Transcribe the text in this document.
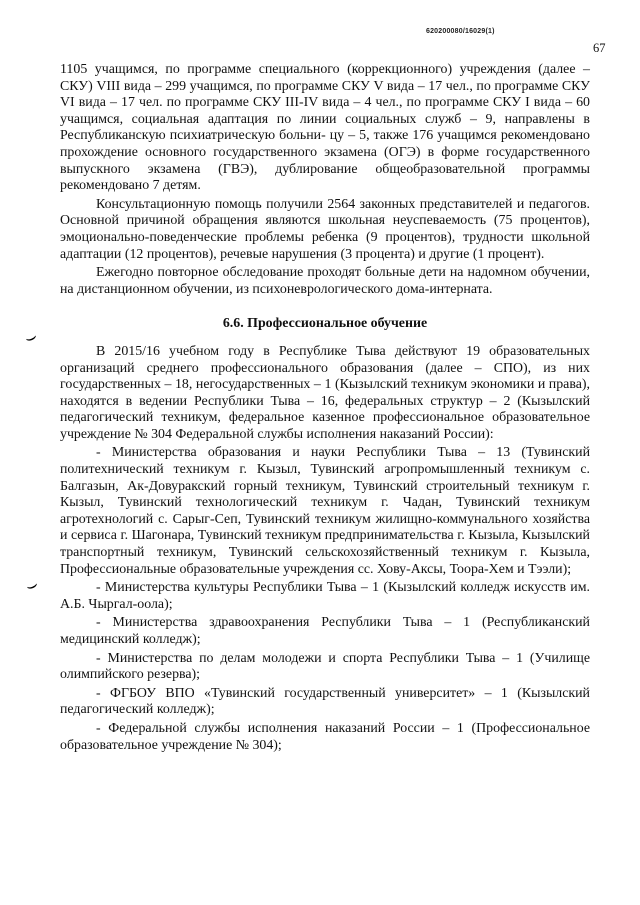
620200080/16029(1)
67
⌣
⌣

1105 учащимся, по программе специального (коррекционного) учреждения (далее – СКУ) VIII вида – 299 учащимся, по программе СКУ V вида – 17 чел., по программе СКУ VI вида – 17 чел. по программе СКУ III-IV вида – 4 чел., по программе СКУ I вида – 60 учащимся, социальная адаптация по линии социальных служб – 9, направлены в Республиканскую психиатрическую больни- цу – 5, также 176 учащимся рекомендовано прохождение основного государственного экзамена (ОГЭ) в форме государственного выпускного экзамена (ГВЭ), дублирование общеобразовательной программы рекомендовано 7 детям.

Консультационную помощь получили 2564 законных представителей и педагогов. Основной причиной обращения являются школьная неуспеваемость (75 процентов), эмоционально-поведенческие проблемы ребенка (9 процентов), трудности школьной адаптации (12 процентов), речевые нарушения (3 процента) и другие (1 процент).

Ежегодно повторное обследование проходят больные дети на надомном обучении, на дистанционном обучении, из психоневрологического дома-интерната.

6.6. Профессиональное обучение

В 2015/16 учебном году в Республике Тыва действуют 19 образовательных организаций среднего профессионального образования (далее – СПО), из них государственных – 18, негосударственных – 1 (Кызылский техникум экономики и права), находятся в ведении Республики Тыва – 16, федеральных структур – 2 (Кызылский педагогический техникум, федеральное казенное профессиональное образовательное учреждение № 304 Федеральной службы исполнения наказаний России):

- Министерства образования и науки Республики Тыва – 13 (Тувинский политехнический техникум г. Кызыл, Тувинский агропромышленный техникум с. Балгазын, Ак-Довуракский горный техникум, Тувинский строительный техникум г. Кызыл, Тувинский технологический техникум г. Чадан, Тувинский техникум агротехнологий с. Сарыг-Сеп, Тувинский техникум жилищно-коммунального хозяйства и сервиса г. Шагонара, Тувинский техникум предпринимательства г. Кызыла, Кызылский транспортный техникум, Тувинский сельскохозяйственный техникум г. Кызыла, Профессиональные образовательные учреждения сс. Хову-Аксы, Тоора-Хем и Тээли);

- Министерства культуры Республики Тыва – 1 (Кызылский колледж искусств им. А.Б. Чыргал-оола);

- Министерства здравоохранения Республики Тыва – 1 (Республиканский медицинский колледж);

- Министерства по делам молодежи и спорта Республики Тыва – 1 (Училище олимпийского резерва);

- ФГБОУ ВПО «Тувинский государственный университет» – 1 (Кызылский педагогический колледж);

- Федеральной службы исполнения наказаний России – 1 (Профессиональное образовательное учреждение № 304);
